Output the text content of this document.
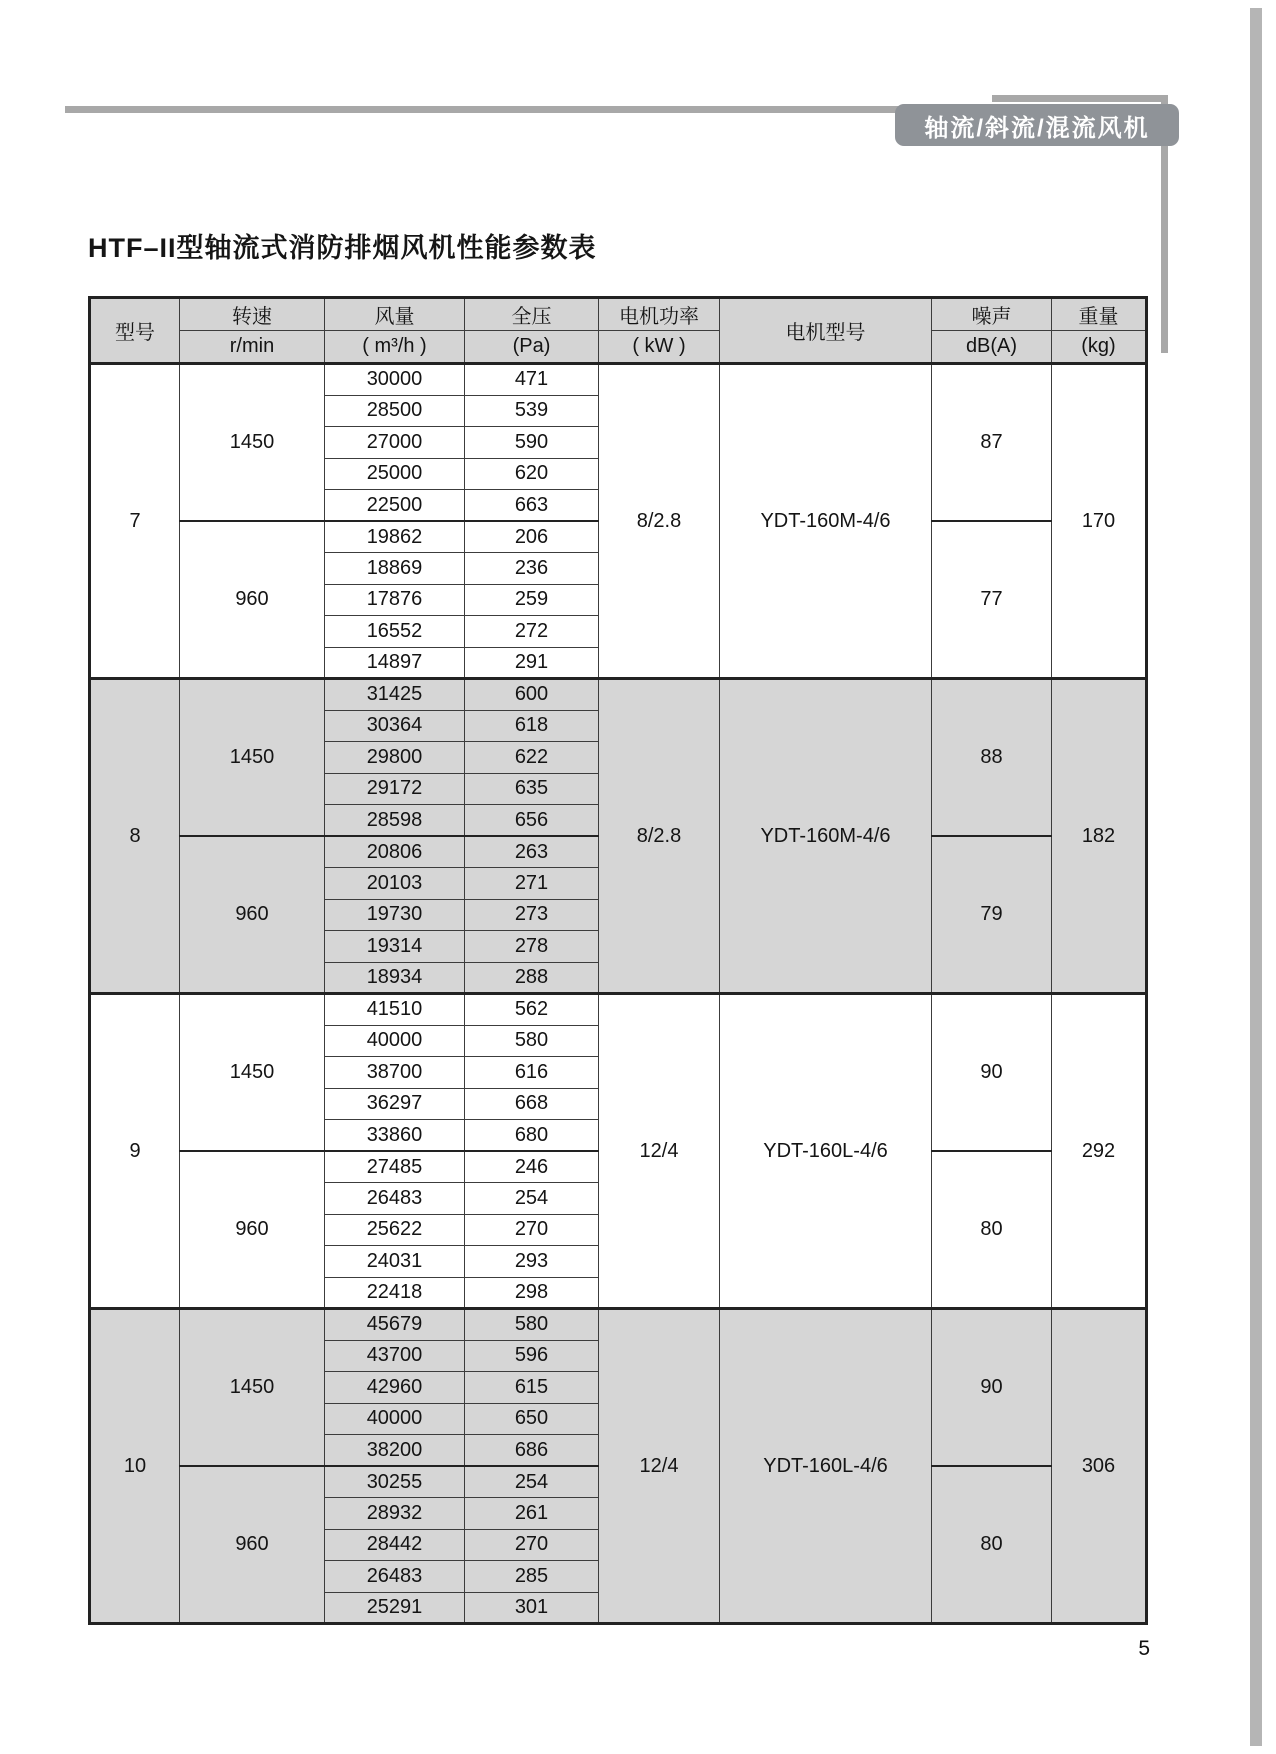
轴流/斜流/混流风机
HTF–II型轴流式消防排烟风机性能参数表
型号	转速	风量	全压	电机功率	电机型号	噪声	重量
	r/min	( m³/h )	(Pa)	( kW )		dB(A)	(kg)
7	1450	30000	471	8/2.8	YDT-160M-4/6	87	170
		28500	539				
		27000	590				
		25000	620				
		22500	663				
	960	19862	206			77	
		18869	236				
		17876	259				
		16552	272				
		14897	291				
8	1450	31425	600	8/2.8	YDT-160M-4/6	88	182
		30364	618				
		29800	622				
		29172	635				
		28598	656				
	960	20806	263			79	
		20103	271				
		19730	273				
		19314	278				
		18934	288				
9	1450	41510	562	12/4	YDT-160L-4/6	90	292
		40000	580				
		38700	616				
		36297	668				
		33860	680				
	960	27485	246			80	
		26483	254				
		25622	270				
		24031	293				
		22418	298				
10	1450	45679	580	12/4	YDT-160L-4/6	90	306
		43700	596				
		42960	615				
		40000	650				
		38200	686				
	960	30255	254			80	
		28932	261				
		28442	270				
		26483	285				
		25291	301				
5
